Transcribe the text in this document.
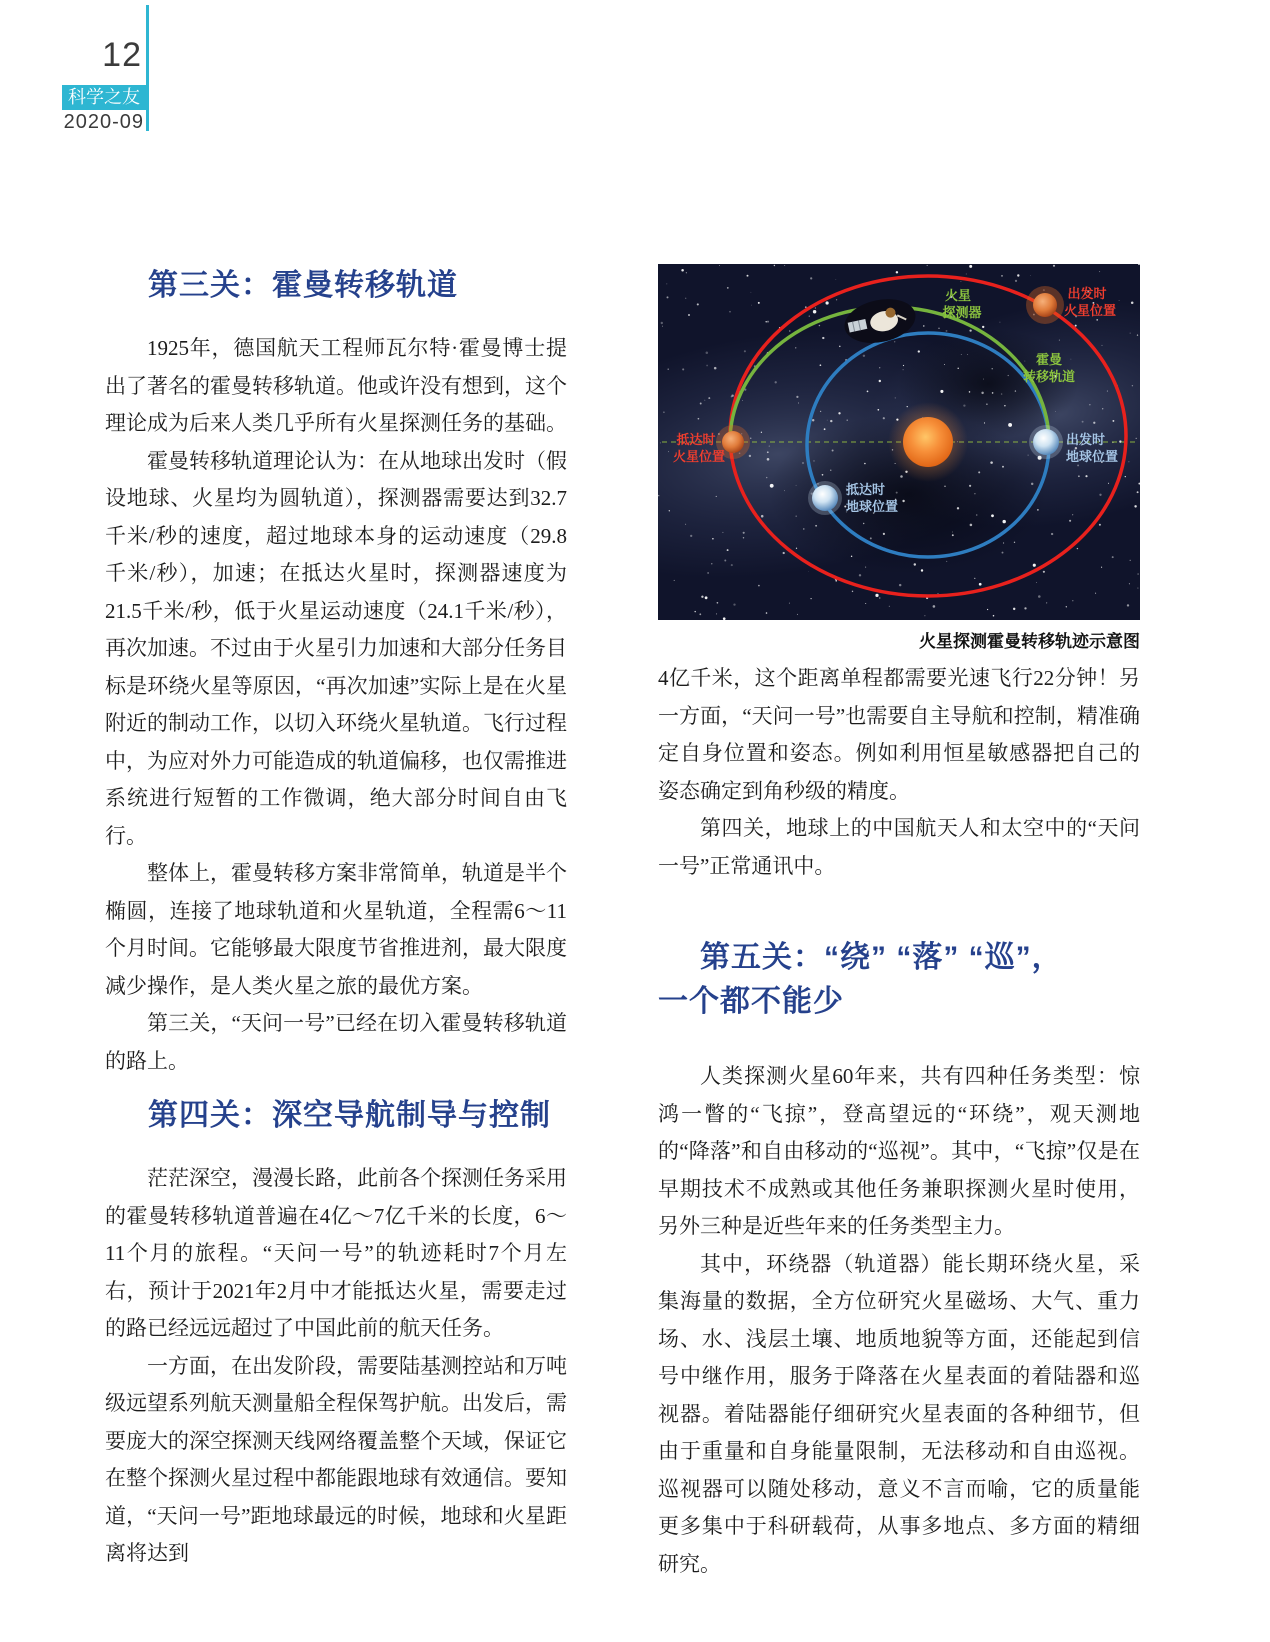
12
科学之友
2020-09
第三关：霍曼转移轨道

1925年，德国航天工程师瓦尔特·霍曼博士提出了著名的霍曼转移轨道。他或许没有想到，这个理论成为后来人类几乎所有火星探测任务的基础。

霍曼转移轨道理论认为：在从地球出发时（假设地球、火星均为圆轨道），探测器需要达到32.7千米/秒的速度，超过地球本身的运动速度（29.8千米/秒），加速；在抵达火星时，探测器速度为21.5千米/秒，低于火星运动速度（24.1千米/秒），再次加速。不过由于火星引力加速和大部分任务目标是环绕火星等原因，“再次加速”实际上是在火星附近的制动工作，以切入环绕火星轨道。飞行过程中，为应对外力可能造成的轨道偏移，也仅需推进系统进行短暂的工作微调，绝大部分时间自由飞行。

整体上，霍曼转移方案非常简单，轨道是半个椭圆，连接了地球轨道和火星轨道，全程需6～11个月时间。它能够最大限度节省推进剂，最大限度减少操作，是人类火星之旅的最优方案。

第三关，“天问一号”已经在切入霍曼转移轨道的路上。

第四关：深空导航制导与控制

茫茫深空，漫漫长路，此前各个探测任务采用的霍曼转移轨道普遍在4亿～7亿千米的长度，6～11个月的旅程。“天问一号”的轨迹耗时7个月左右，预计于2021年2月中才能抵达火星，需要走过的路已经远远超过了中国此前的航天任务。

一方面，在出发阶段，需要陆基测控站和万吨级远望系列航天测量船全程保驾护航。出发后，需要庞大的深空探测天线网络覆盖整个天域，保证它在整个探测火星过程中都能跟地球有效通信。要知道，“天问一号”距地球最远的时候，地球和火星距离将达到

火星
探测器
霍曼
转移轨道
出发时
火星位置
抵达时
火星位置
出发时
地球位置
抵达时
地球位置
火星探测霍曼转移轨迹示意图

4亿千米，这个距离单程都需要光速飞行22分钟！另一方面，“天问一号”也需要自主导航和控制，精准确定自身位置和姿态。例如利用恒星敏感器把自己的姿态确定到角秒级的精度。

第四关，地球上的中国航天人和太空中的“天问一号”正常通讯中。

第五关：“绕” “落” “巡”，
一个都不能少

人类探测火星60年来，共有四种任务类型：惊鸿一瞥的“飞掠”，登高望远的“环绕”，观天测地的“降落”和自由移动的“巡视”。其中，“飞掠”仅是在早期技术不成熟或其他任务兼职探测火星时使用，另外三种是近些年来的任务类型主力。

其中，环绕器（轨道器）能长期环绕火星，采集海量的数据，全方位研究火星磁场、大气、重力场、水、浅层土壤、地质地貌等方面，还能起到信号中继作用，服务于降落在火星表面的着陆器和巡视器。着陆器能仔细研究火星表面的各种细节，但由于重量和自身能量限制，无法移动和自由巡视。巡视器可以随处移动，意义不言而喻，它的质量能更多集中于科研载荷，从事多地点、多方面的精细研究。
